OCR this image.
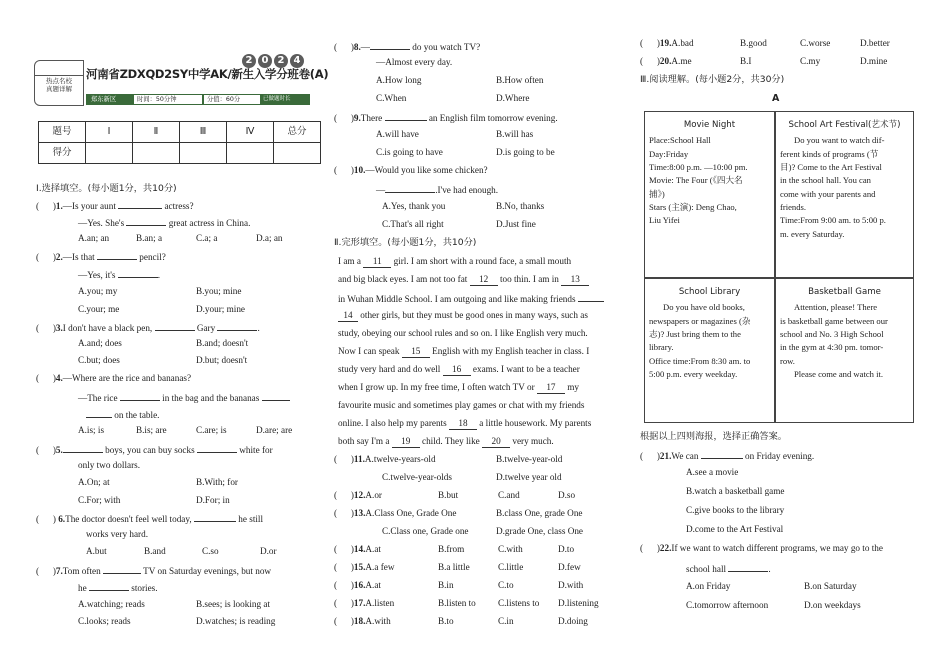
热点名校
真题详解
2 0 2 4
河南省ZDXQD2SY中学AK/新生入学分班卷(A)
郑东新区	时间：50分钟	分值：60分	已做题时长
题号	Ⅰ	Ⅱ	Ⅲ	Ⅳ	总分
得分					
Ⅰ.选择填空。(每小题1分，共10分)
(      )1.—Is your aunt	actress?
—Yes. She's	great actress in China.
A.an; an	B.an; a	C.a; a	D.a; an
(      )2.—Is that	pencil?
—Yes, it's	.
A.you; my	B.you; mine
C.your; me	D.your; mine
(      )3.I don't have a black pen,	Gary	.
A.and; does	B.and; doesn't
C.but; does	D.but; doesn't
(      )4.—Where are the rice and bananas?
—The rice	in the bag and the bananas
on the table.
A.is; is	B.is; are	C.are; is	D.are; are
(      )5.	boys, you can buy socks	white for
only two dollars.
A.On; at	B.With; for
C.For; with	D.For; in
(      ) 6.The doctor doesn't feel well today,	he still
works very hard.
A.but	B.and	C.so	D.or
(      )7.Tom often	TV on Saturday evenings, but now
he	stories.
A.watching; reads	B.sees; is looking at
C.looks; reads	D.watches; is reading
(      )8.—	do you watch TV?
—Almost every day.
A.How long	B.How often
C.When	D.Where
(      )9.There	an English film tomorrow evening.
A.will have	B.will has
C.is going to have	D.is going to be
(      )10.—Would you like some chicken?
—	.I've had enough.
A.Yes, thank you	B.No, thanks
C.That's all right	D.Just fine
Ⅱ.完形填空。(每小题1分，共10分)
I am a 11 girl. I am short with a round face, a small mouth
and big black eyes. I am not too fat 12 too thin. I am in 13
in Wuhan Middle School. I am outgoing and like making friends
14 other girls, but they must be good ones in many ways, such as
study, obeying our school rules and so on. I like English very much.
Now I can speak 15 English with my English teacher in class. I
study very hard and do well 16 exams. I want to be a teacher
when I grow up. In my free time, I often watch TV or 17 my
favourite music and sometimes play games or chat with my friends
online. I also help my parents 18 a little housework. My parents
both say I'm a 19 child. They like 20 very much.
(      )11.A.twelve-years-old	B.twelve-year-old
C.twelve-year-olds	D.twelve year old
(      )12.A.or	B.but	C.and	D.so
(      )13.A.Class One, Grade One	B.class One, grade One
C.Class one, Grade one	D.grade One, class One
(      )14.A.at	B.from	C.with	D.to
(      )15.A.a few	B.a little	C.little	D.few
(      )16.A.at	B.in	C.to	D.with
(      )17.A.listen	B.listen to C.listens to D.listening
(      )18.A.with	B.to	C.in	D.doing
(      )19.A.bad	B.good	C.worse	D.better
(      )20.A.me	B.I	C.my	D.mine
Ⅲ.阅读理解。(每小题2分，共30分)
A
Movie Night
Place:School Hall
Day:Friday
Time:8:00 p.m. —10:00 pm.
Movie: The Four (《四大名
捕》)
Stars (主演): Deng Chao,
Liu Yifei
School Art Festival(艺术节)
Do you want to watch dif-
ferent kinds of programs (节
目)? Come to the Art Festival
in the school hall. You can
come with your parents and
friends.
Time:From 9:00 am. to 5:00 p.
m. every Saturday.
School Library
Do you have old books,
newspapers or magazines (杂
志)? Just bring them to the
library.
Office time:From 8:30 am. to
5:00 p.m. every weekday.
Basketball Game
Attention, please! There
is basketball game between our
school and No. 3 High School
in the gym at 4:30 pm. tomor-
row.
Please come and watch it.
根据以上四则海报，选择正确答案。
(      )21.We can	on Friday evening.
A.see a movie
B.watch a basketball game
C.give books to the library
D.come to the Art Festival
(      )22.If we want to watch different programs, we may go to the
school hall	.
A.on Friday	B.on Saturday
C.tomorrow afternoon	D.on weekdays
